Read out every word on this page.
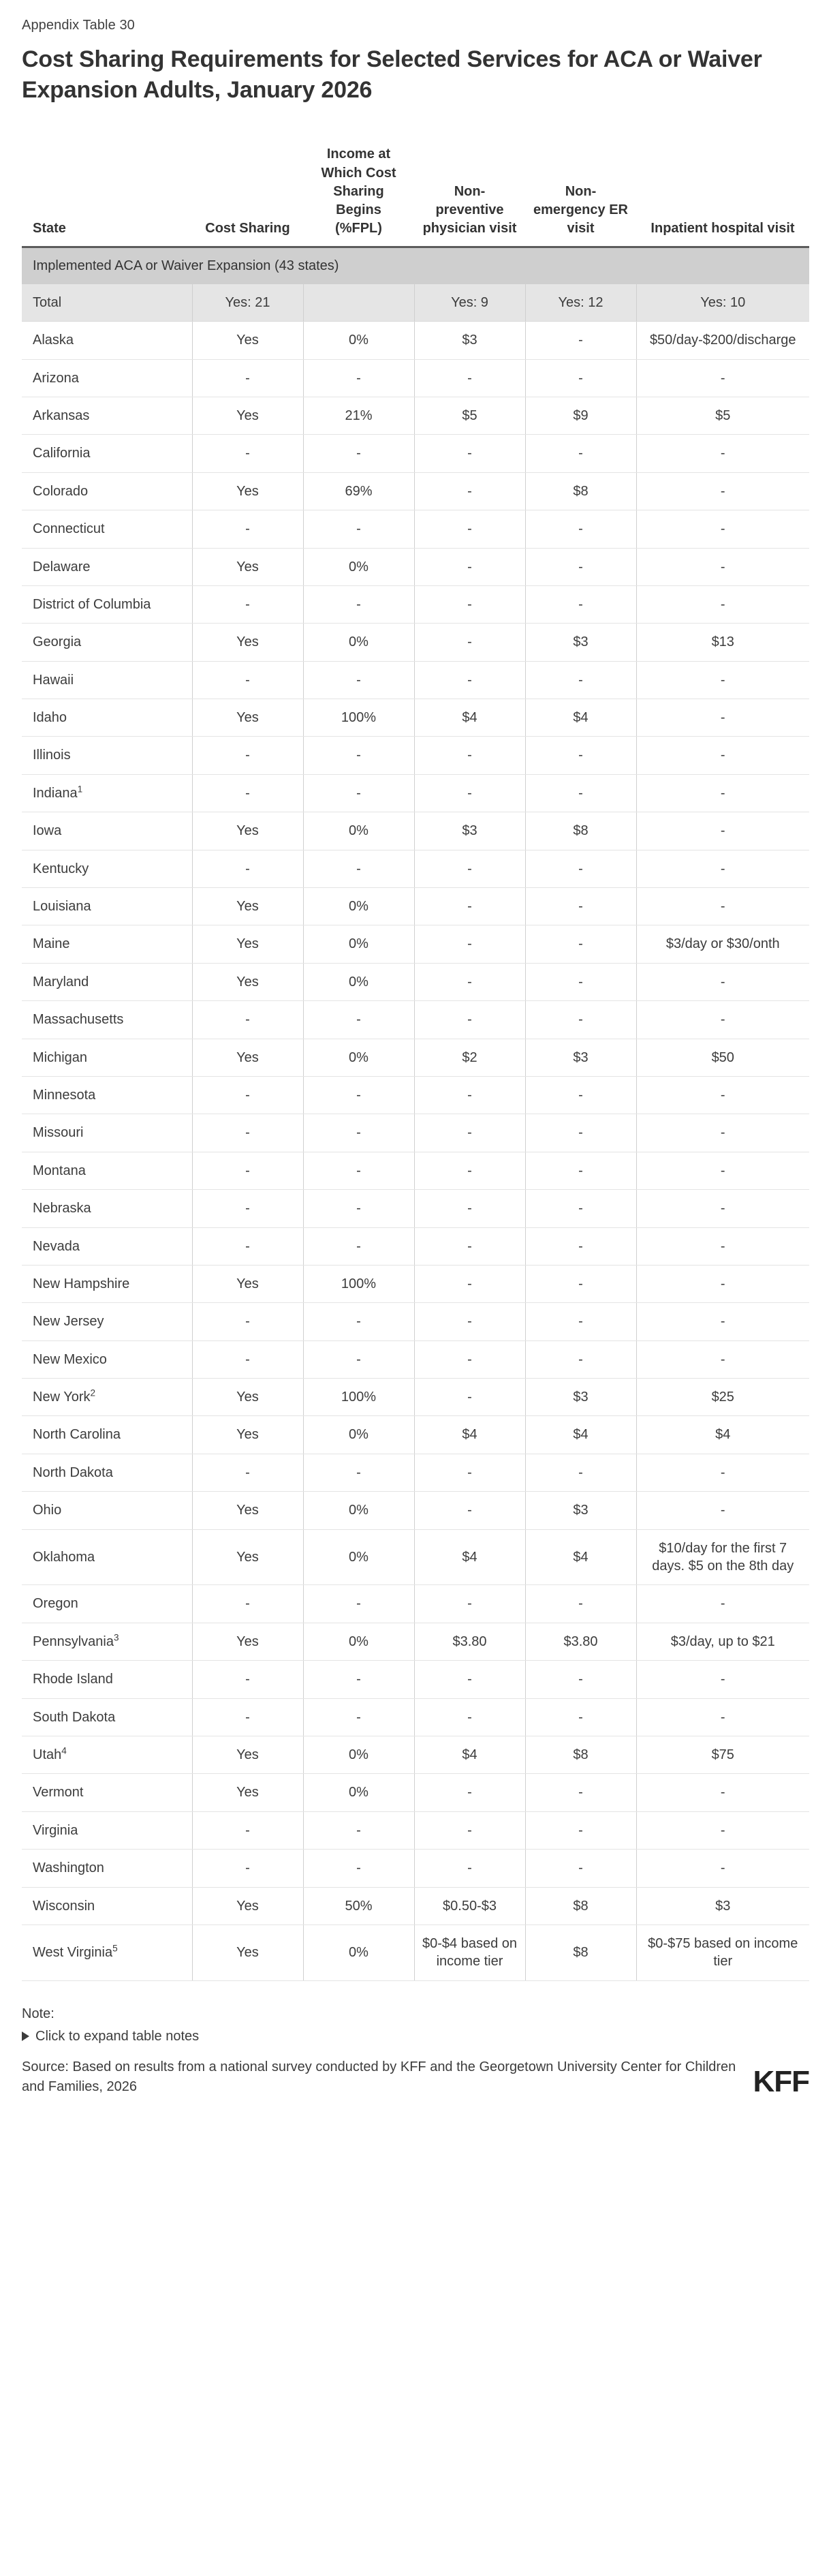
Appendix Table 30
Cost Sharing Requirements for Selected Services for ACA or Waiver Expansion Adults, January 2026
State	Cost Sharing	Income at Which Cost Sharing Begins (%FPL)	Non-preventive physician visit	Non-emergency ER visit	Inpatient hospital visit
Implemented ACA or Waiver Expansion (43 states)					
Total	Yes: 21		Yes: 9	Yes: 12	Yes: 10
Alaska	Yes	0%	$3	-	$50/day-$200/discharge
Arizona	-	-	-	-	-
Arkansas	Yes	21%	$5	$9	$5
California	-	-	-	-	-
Colorado	Yes	69%	-	$8	-
Connecticut	-	-	-	-	-
Delaware	Yes	0%	-	-	-
District of Columbia	-	-	-	-	-
Georgia	Yes	0%	-	$3	$13
Hawaii	-	-	-	-	-
Idaho	Yes	100%	$4	$4	-
Illinois	-	-	-	-	-
Indiana$^1$	-	-	-	-	-
Iowa	Yes	0%	$3	$8	-
Kentucky	-	-	-	-	-
Louisiana	Yes	0%	-	-	-
Maine	Yes	0%	-	-	$3/day or $30/onth
Maryland	Yes	0%	-	-	-
Massachusetts	-	-	-	-	-
Michigan	Yes	0%	$2	$3	$50
Minnesota	-	-	-	-	-
Missouri	-	-	-	-	-
Montana	-	-	-	-	-
Nebraska	-	-	-	-	-
Nevada	-	-	-	-	-
New Hampshire	Yes	100%	-	-	-
New Jersey	-	-	-	-	-
New Mexico	-	-	-	-	-
New York$^2$	Yes	100%	-	$3	$25
North Carolina	Yes	0%	$4	$4	$4
North Dakota	-	-	-	-	-
Ohio	Yes	0%	-	$3	-
Oklahoma	Yes	0%	$4	$4	$10/day for the first 7 days. $5 on the 8th day
Oregon	-	-	-	-	-
Pennsylvania$^3$	Yes	0%	$3.80	$3.80	$3/day, up to $21
Rhode Island	-	-	-	-	-
South Dakota	-	-	-	-	-
Utah$^4$	Yes	0%	$4	$8	$75
Vermont	Yes	0%	-	-	-
Virginia	-	-	-	-	-
Washington	-	-	-	-	-
Wisconsin	Yes	50%	$0.50-$3	$8	$3
West Virginia$^5$	Yes	0%	$0-$4 based on income tier	$8	$0-$75 based on income tier
Note:
Click to expand table notes
Source: Based on results from a national survey conducted by KFF and the Georgetown University Center for Children and Families, 2026	KFF
